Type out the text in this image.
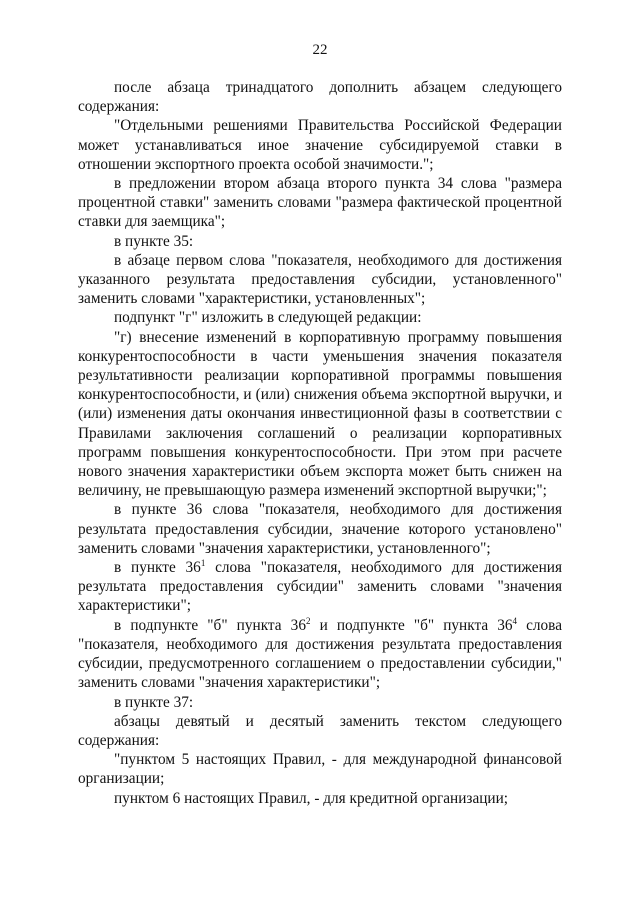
22

после абзаца тринадцатого дополнить абзацем следующего содержания:

"Отдельными решениями Правительства Российской Федерации может устанавливаться иное значение субсидируемой ставки в отношении экспортного проекта особой значимости.";

в предложении втором абзаца второго пункта 34 слова "размера процентной ставки" заменить словами "размера фактической процентной ставки для заемщика";

в пункте 35:

в абзаце первом слова "показателя, необходимого для достижения указанного результата предоставления субсидии, установленного" заменить словами "характеристики, установленных";

подпункт "г" изложить в следующей редакции:

"г) внесение изменений в корпоративную программу повышения конкурентоспособности в части уменьшения значения показателя результативности реализации корпоративной программы повышения конкурентоспособности, и (или) снижения объема экспортной выручки, и (или) изменения даты окончания инвестиционной фазы в соответствии с Правилами заключения соглашений о реализации корпоративных программ повышения конкурентоспособности. При этом при расчете нового значения характеристики объем экспорта может быть снижен на величину, не превышающую размера изменений экспортной выручки;";

в пункте 36 слова "показателя, необходимого для достижения результата предоставления субсидии, значение которого установлено" заменить словами "значения характеристики, установленного";

в пункте $36^1$ слова "показателя, необходимого для достижения результата предоставления субсидии" заменить словами "значения характеристики";

в подпункте "б" пункта $36^2$ и подпункте "б" пункта $36^4$ слова "показателя, необходимого для достижения результата предоставления субсидии, предусмотренного соглашением о предоставлении субсидии," заменить словами "значения характеристики";

в пункте 37:

абзацы девятый и десятый заменить текстом следующего содержания:

"пунктом 5 настоящих Правил, - для международной финансовой организации;

пунктом 6 настоящих Правил, - для кредитной организации;
